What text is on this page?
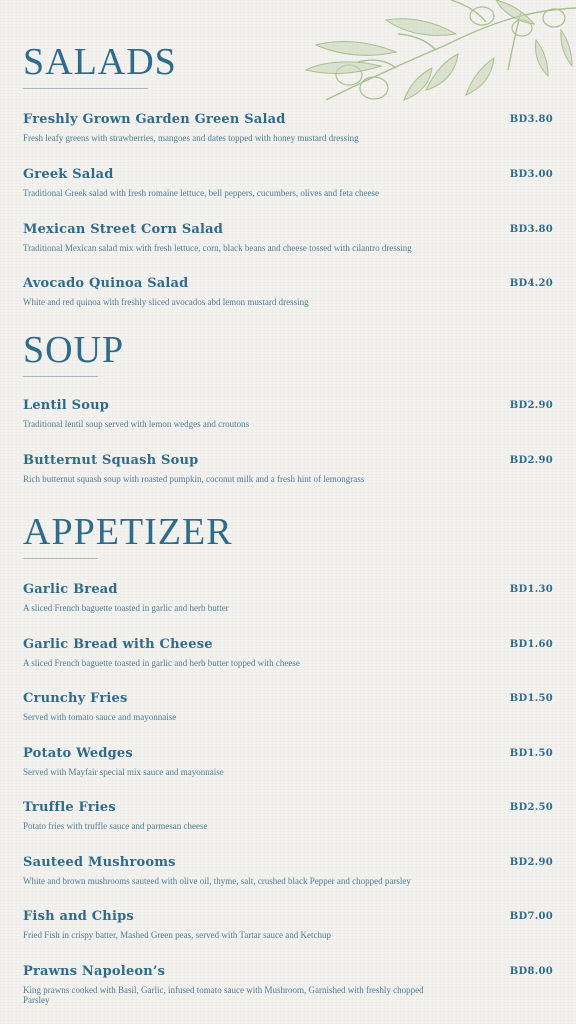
SALADS
Freshly Grown Garden Green Salad	BD3.80
Fresh leafy greens with strawberries, mangoes and dates topped with honey mustard dressing
Greek Salad	BD3.00
Traditional Greek salad with fresh romaine lettuce, bell peppers, cucumbers, olives and feta cheese
Mexican Street Corn Salad	BD3.80
Traditional Mexican salad mix with fresh lettuce, corn, black beans and cheese tossed with cilantro dressing
Avocado Quinoa Salad	BD4.20
White and red quinoa with freshly sliced avocados abd lemon mustard dressing
SOUP
Lentil Soup	BD2.90
Traditional lentil soup served with lemon wedges and croutons
Butternut Squash Soup	BD2.90
Rich butternut squash soup with roasted pumpkin, coconut milk and a fresh hint of lemongrass
APPETIZER
Garlic Bread	BD1.30
A sliced French baguette toasted in garlic and herb butter
Garlic Bread with Cheese	BD1.60
A sliced French baguette toasted in garlic and herb butter topped with cheese
Crunchy Fries	BD1.50
Served with tomato sauce and mayonnaise
Potato Wedges	BD1.50
Served with Mayfair special mix sauce and mayonnaise
Truffle Fries	BD2.50
Potato fries with truffle sauce and parmesan cheese
Sauteed Mushrooms	BD2.90
White and brown mushrooms sauteed with olive oil, thyme, salt, crushed black Pepper and chopped parsley
Fish and Chips	BD7.00
Fried Fish in crispy batter, Mashed Green peas, served with Tartar sauce and Ketchup
Prawns Napoleon’s	BD8.00
King prawns cooked with Basil, Garlic, infused tomato sauce with Mushroom, Garnished with freshly chopped Parsley
